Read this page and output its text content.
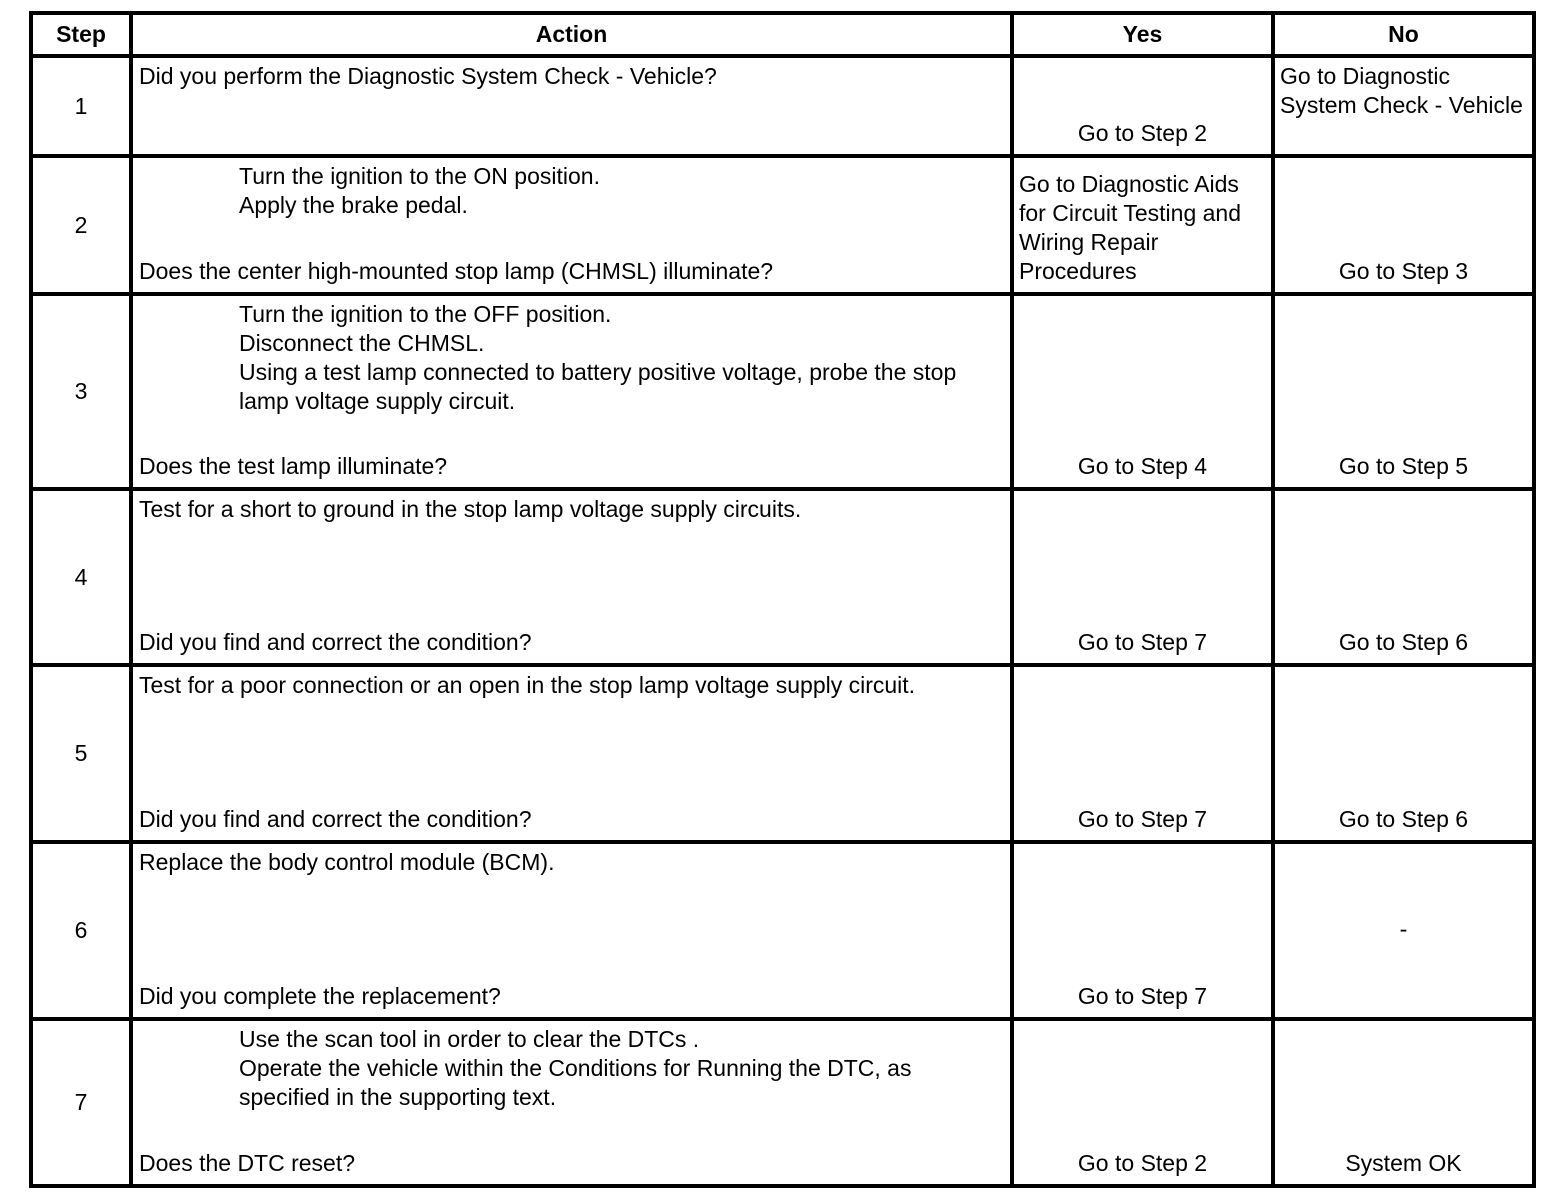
Step	Action	Yes	No
1	Did you perform the Diagnostic System Check - Vehicle?	Go to Step 2	Go to Diagnostic System Check - Vehicle
2	Turn the ignition to the ON position.
Apply the brake pedal.
Does the center high-mounted stop lamp (CHMSL) illuminate?	Go to Diagnostic Aids for Circuit Testing and Wiring Repair Procedures	Go to Step 3
3	Turn the ignition to the OFF position.
Disconnect the CHMSL.
Using a test lamp connected to battery positive voltage, probe the stop lamp voltage supply circuit.
Does the test lamp illuminate?	Go to Step 4	Go to Step 5
4	Test for a short to ground in the stop lamp voltage supply circuits.
Did you find and correct the condition?	Go to Step 7	Go to Step 6
5	Test for a poor connection or an open in the stop lamp voltage supply circuit.
Did you find and correct the condition?	Go to Step 7	Go to Step 6
6	Replace the body control module (BCM).
Did you complete the replacement?	Go to Step 7	-
7	Use the scan tool in order to clear the DTCs .
Operate the vehicle within the Conditions for Running the DTC, as specified in the supporting text.
Does the DTC reset?	Go to Step 2	System OK
